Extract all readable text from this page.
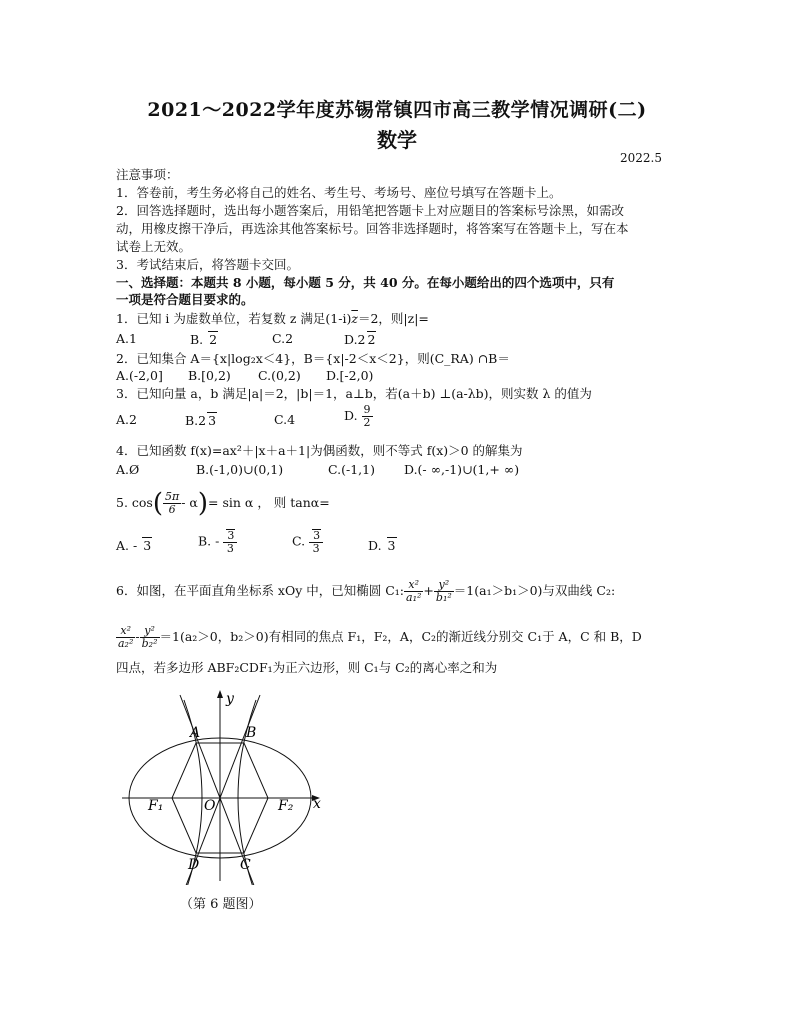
2021～2022学年度苏锡常镇四市高三教学情况调研(二)
数学
2022.5
注意事项：
1．答卷前，考生务必将自己的姓名、考生号、考场号、座位号填写在答题卡上。
2．回答选择题时，选出每小题答案后，用铅笔把答题卡上对应题目的答案标号涂黑，如需改
动，用橡皮擦干净后，再选涂其他答案标号。回答非选择题时，将答案写在答题卡上，写在本
试卷上无效。
3．考试结束后，将答题卡交回。
一、选择题：本题共 8 小题，每小题 5 分，共 40 分。在每小题给出的四个选项中，只有
一项是符合题目要求的。
1．已知 i 为虚数单位，若复数 z 满足$(1-i)\overline{z}=2$，则|z|=
A.1	B. 2	C.2	D.2 2
2．已知集合 A＝{x|log₂x＜4}，B＝{x|-2＜x＜2}，则(C_RA) ∩B＝
A.(-2,0] B.[0,2) C.(0,2) D.[-2,0)
3．已知向量 a，b 满足|a|＝2，|b|＝1，a⊥b，若(a＋b) ⊥(a-λb)，则实数 λ 的值为
A.2	B.2 3	C.4	D. $\frac{9}{2}$
4．已知函数 f(x)=ax²＋|x＋a＋1|为偶函数，则不等式 f(x)＞0 的解集为
A.Ø	B.(-1,0)∪(0,1)	C.(-1,1) D.(- ∞,-1)∪(1,+ ∞)
5. $\cos( \frac{5\pi}{6} - \alpha)= \sin \alpha$ ， 则 tanα=
A. - 3	B. - $\frac{3}{3}$	C. $\frac{3}{3}$	D. 3
6．如图，在平面直角坐标系 xOy 中，已知椭圆 C₁: $\frac{\text{x²}}{\text{a₁²}} + \frac{\text{y²}}{\text{b₁²}} =1(a_1>b_1>0)$与双曲线 C₂:
$\frac{\text{x²}}{\text{a₂²}} - \frac{\text{y²}}{\text{b₂²}} =1(a_2>0$，b₂＞0)有相同的焦点 F₁，F₂，A，C₂的渐近线分别交 C₁于 A，C 和 B，D
四点，若多边形 ABF₂CDF₁为正六边形，则 C₁与 C₂的离心率之和为
y
x
A	B
C
D
O
F₁	F₂
（第 6 题图）
